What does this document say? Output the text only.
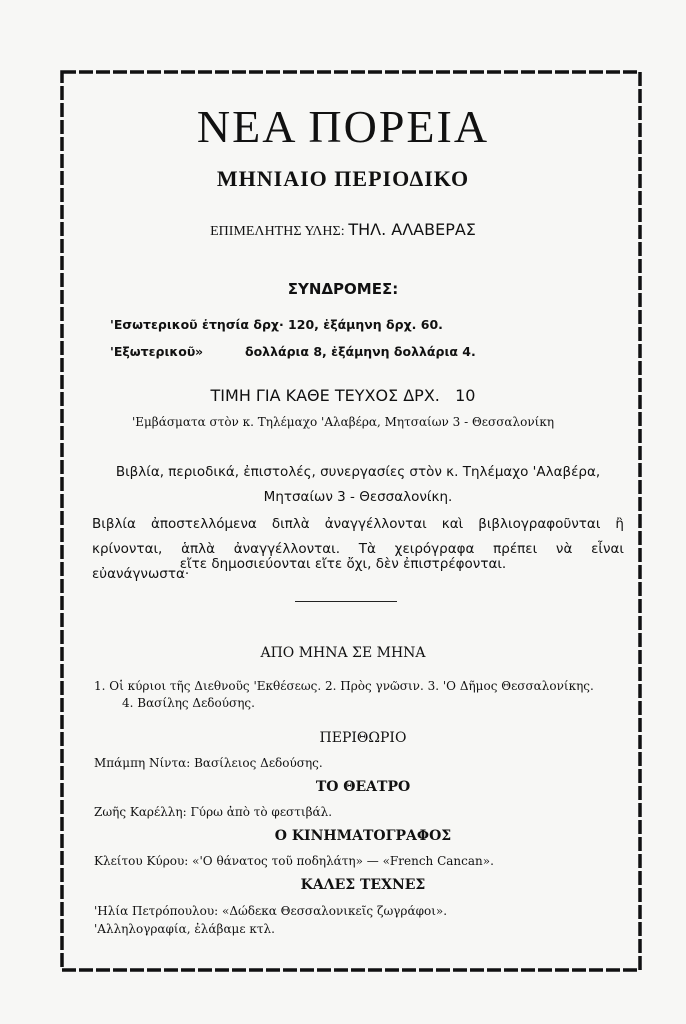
ΝΕΑ ΠΟΡΕΙΑ
ΜΗΝΙΑΙΟ ΠΕΡΙΟΔΙΚΟ
ΕΠΙΜΕΛΗΤΗΣ ΥΛΗΣ: ΤΗΛ. ΑΛΑΒΕΡΑΣ
ΣΥΝΔΡΟΜΕΣ:
'Εσωτερικοῦ ἐτησία δρχ· 120, ἑξάμηνη δρχ. 60.
'Εξωτερικοῦ »	δολλάρια 8, ἑξάμηνη δολλάρια 4.
ΤΙΜΗ ΓΙΑ ΚΑΘΕ ΤΕΥΧΟΣ ΔΡΧ.   10
'Εμβάσματα στὸν κ. Τηλέμαχο 'Αλαβέρα, Μητσαίων 3 - Θεσσαλονίκη
Βιβλία, περιοδικά, ἐπιστολές, συνεργασίες στὸν κ. Τηλέμαχο 'Αλαβέρα, Μητσαίων 3 - Θεσσαλονίκη.
Βιβλία ἀποστελλόμενα διπλὰ ἀναγγέλλονται καὶ βιβλιογραφοῦνται ἢ κρίνονται, ἁπλὰ ἀναγγέλλονται. Τὰ χειρόγραφα πρέπει νὰ εἶναι εὐανάγνωστα·
εἴτε δημοσιεύονται εἴτε ὄχι, δὲν ἐπιστρέφονται.
ΑΠΟ ΜΗΝΑ ΣΕ ΜΗΝΑ
1. Οἱ κύριοι τῆς Διεθνοῦς 'Εκθέσεως. 2. Πρὸς γνῶσιν. 3. 'Ο Δῆμος Θεσσαλονίκης.
4. Βασίλης Δεδούσης.
ΠΕΡΙΘΩΡΙΟ
Μπάμπη Νίντα: Βασίλειος Δεδούσης.
ΤΟ ΘΕΑΤΡΟ
Ζωῆς Καρέλλη: Γύρω ἀπὸ τὸ φεστιβάλ.
Ο ΚΙΝΗΜΑΤΟΓΡΑΦΟΣ
Κλείτου Κύρου: «'Ο θάνατος τοῦ ποδηλάτη» — «French Cancan».
ΚΑΛΕΣ ΤΕΧΝΕΣ
'Ηλία Πετρόπουλου: «Δώδεκα Θεσσαλονικεῖς ζωγράφοι».
'Αλληλογραφία, ἐλάβαμε κτλ.
